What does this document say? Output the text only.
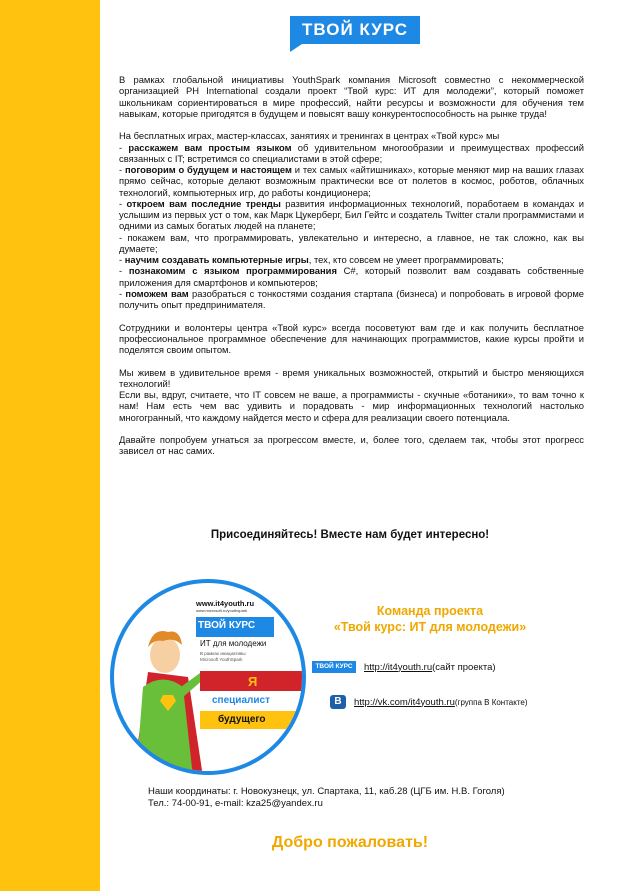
ТВОЙ КУРС

В рамках глобальной инициативы YouthSpark компания Microsoft совместно с некоммерческой организацией PH International создали проект “Твой курс: ИТ для молодежи”, который поможет школьникам сориентироваться в мире профессий, найти ресурсы и возможности для обучения тем навыкам, которые пригодятся в будущем и повысят вашу конкурентоспособность на рынке труда!

На бесплатных играх, мастер-классах, занятиях и тренингах в центрах «Твой курс» мы
- расскажем вам простым языком об удивительном многообразии и преимуществах профессий связанных с IT; встретимся со специалистами в этой сфере;
- поговорим о будущем и настоящем и тех самых «айтишниках», которые меняют мир на ваших глазах прямо сейчас, которые делают возможным практически все от полетов в космос, роботов, облачных технологий, компьютерных игр, до работы кондиционера;
- откроем вам последние тренды развития информационных технологий, поработаем в командах и услышим из первых уст о том, как Марк Цукерберг, Бил Гейтс и создатель Twitter стали программистами и одними из самых богатых людей на планете;
- покажем вам, что программировать, увлекательно и интересно, а главное, не так сложно, как вы думаете;
- научим создавать компьютерные игры, тех, кто совсем не умеет программировать;
- познакомим с языком программирования C#, который позволит вам создавать собственные приложения для смартфонов и компьютеров;
- поможем вам разобраться с тонкостями создания стартапа (бизнеса) и попробовать в игровой форме получить опыт предпринимателя.

Сотрудники и волонтеры центра «Твой курс» всегда посоветуют вам где и как получить бесплатное профессиональное программное обеспечение для начинающих программистов, какие курсы пройти и поделятся своим опытом.

Мы живем в удивительное время - время уникальных возможностей, открытий и быстро меняющихся технологий!
Если вы, вдруг, считаете, что IT совсем не ваше, а программисты - скучные «ботаники», то вам точно к нам! Нам есть чем вас удивить и порадовать - мир информационных технологий настолько многогранный, что каждому найдется место и сфера для реализации своего потенциала.

Давайте попробуем угнаться за прогрессом вместе, и, более того, сделаем так, чтобы этот прогресс зависел от нас самих.

Присоединяйтесь! Вместе нам будет интересно!
www.it4youth.ru
www.microsoft.ru/youthspark
ТВОЙ КУРС
ИТ для молодежи
В рамках инициативы
Microsoft YouthSpark
Я
специалист
будущего
Команда проекта
«Твой курс: ИТ для молодежи»
ТВОЙ КУРС	http://it4youth.ru (сайт проекта)
B	http://vk.com/it4youth.ru (группа В Контакте)
Наши координаты: г. Новокузнецк, ул. Спартака, 11, каб.28 (ЦГБ им. Н.В. Гоголя)
Тел.: 74-00-91, e-mail: kza25@yandex.ru
Добро пожаловать!
